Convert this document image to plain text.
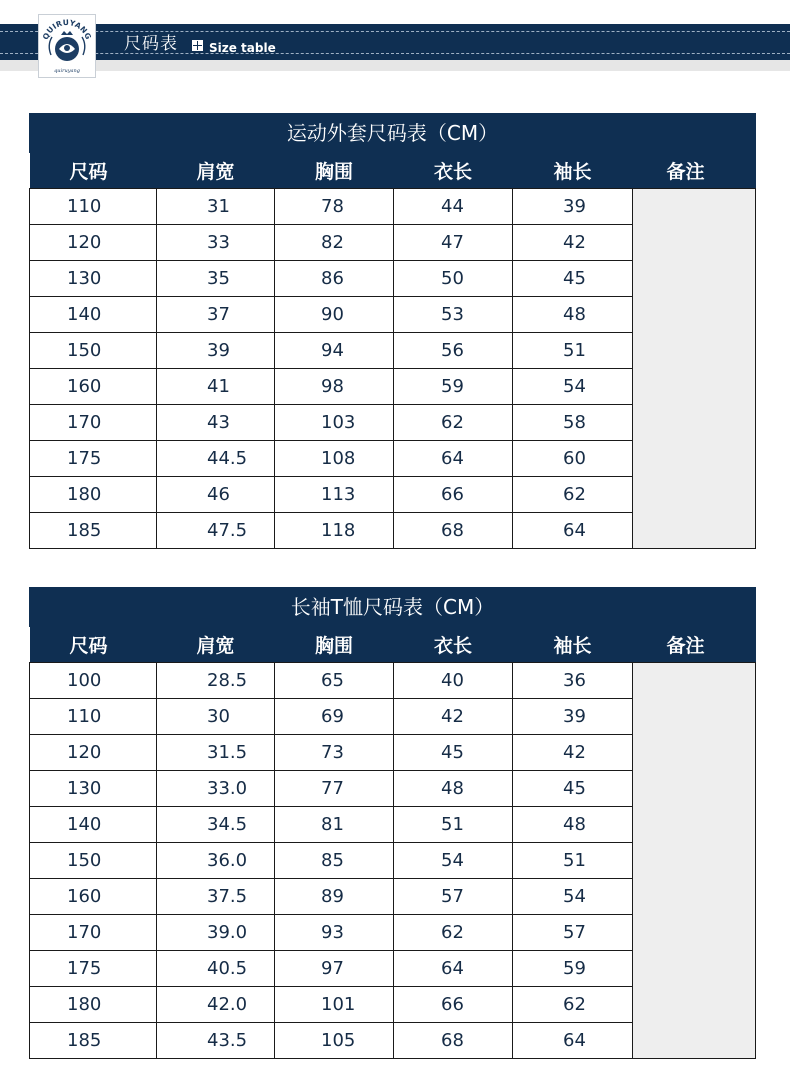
QUIRUYANG
quiruyang
尺码表	Size table
运动外套尺码表（CM）
尺码	肩宽	胸围	衣长	袖长	备注
110	31	78	44	39	
120	33	82	47	42	
130	35	86	50	45	
140	37	90	53	48	
150	39	94	56	51	
160	41	98	59	54	
170	43	103	62	58	
175	44.5	108	64	60	
180	46	113	66	62	
185	47.5	118	68	64	
长袖T恤尺码表（CM）
尺码	肩宽	胸围	衣长	袖长	备注
100	28.5	65	40	36	
110	30	69	42	39	
120	31.5	73	45	42	
130	33.0	77	48	45	
140	34.5	81	51	48	
150	36.0	85	54	51	
160	37.5	89	57	54	
170	39.0	93	62	57	
175	40.5	97	64	59	
180	42.0	101	66	62	
185	43.5	105	68	64	
